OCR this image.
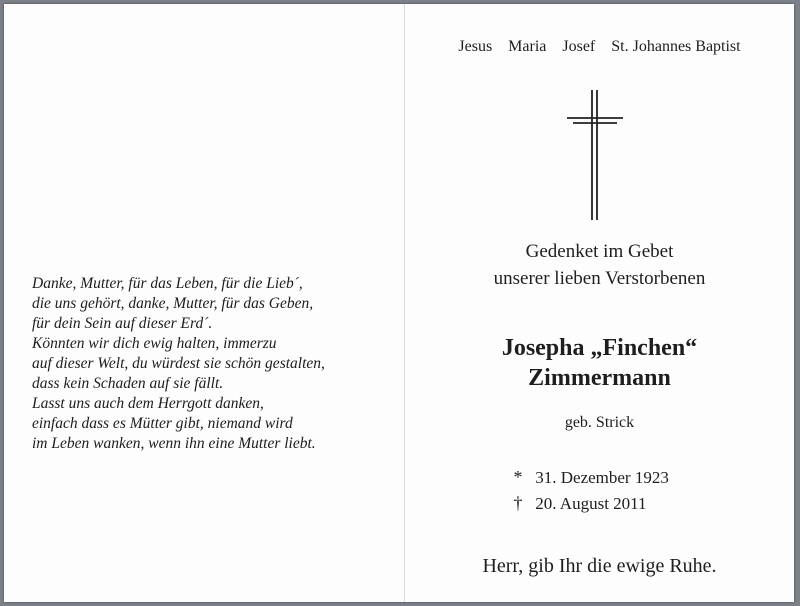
Danke, Mutter, für das Leben, für die Lieb´,
die uns gehört, danke, Mutter, für das Geben,
für dein Sein auf dieser Erd´.
Könnten wir dich ewig halten, immerzu
auf dieser Welt, du würdest sie schön gestalten,
dass kein Schaden auf sie fällt.
Lasst uns auch dem Herrgott danken,
einfach dass es Mütter gibt, niemand wird
im Leben wanken, wenn ihn eine Mutter liebt.
Jesus Maria Josef St. Johannes Baptist
Gedenket im Gebet
unserer lieben Verstorbenen
Josepha „Finchen“
Zimmermann
geb. Strick
* 31. Dezember 1923
† 20. August 2011
Herr, gib Ihr die ewige Ruhe.
